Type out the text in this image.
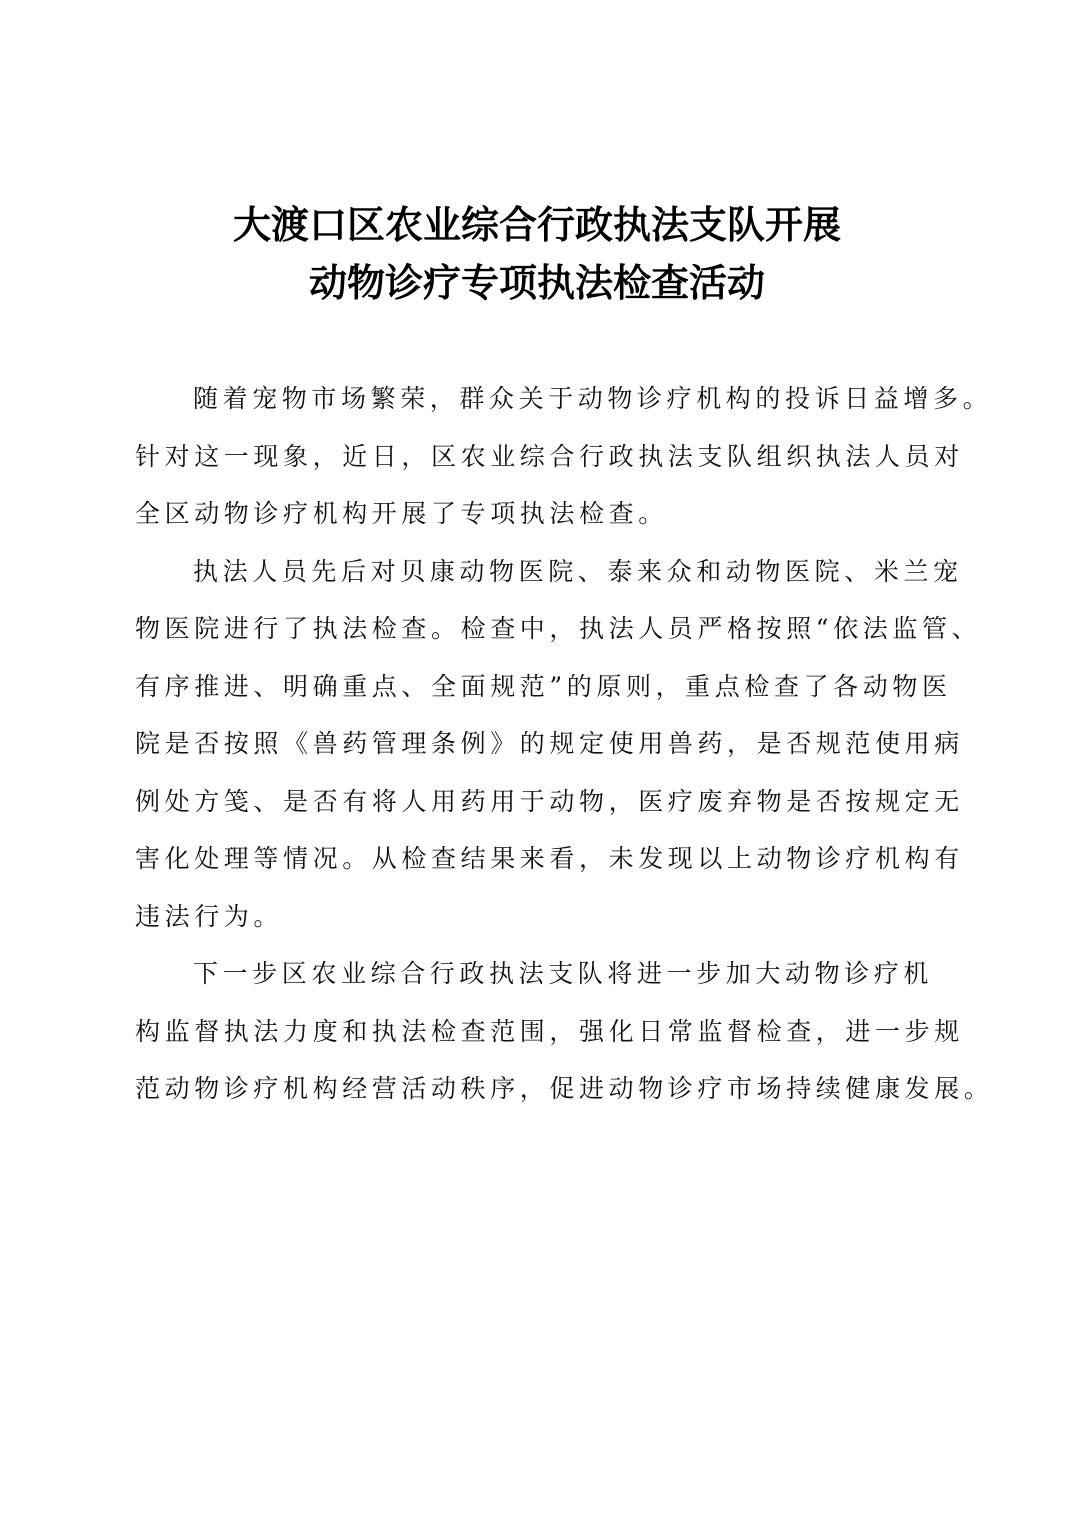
大渡口区农业综合行政执法支队开展
动物诊疗专项执法检查活动
随着宠物市场繁荣，群众关于动物诊疗机构的投诉日益增多。
针对这一现象，近日，区农业综合行政执法支队组织执法人员对
全区动物诊疗机构开展了专项执法检查。
执法人员先后对贝康动物医院、泰来众和动物医院、米兰宠
物医院进行了执法检查。检查中，执法人员严格按照“依法监管、
有序推进、明确重点、全面规范”的原则，重点检查了各动物医
院是否按照《兽药管理条例》的规定使用兽药，是否规范使用病
例处方笺、是否有将人用药用于动物，医疗废弃物是否按规定无
害化处理等情况。从检查结果来看，未发现以上动物诊疗机构有
违法行为。
下一步区农业综合行政执法支队将进一步加大动物诊疗机
构监督执法力度和执法检查范围，强化日常监督检查，进一步规
范动物诊疗机构经营活动秩序，促进动物诊疗市场持续健康发展。
